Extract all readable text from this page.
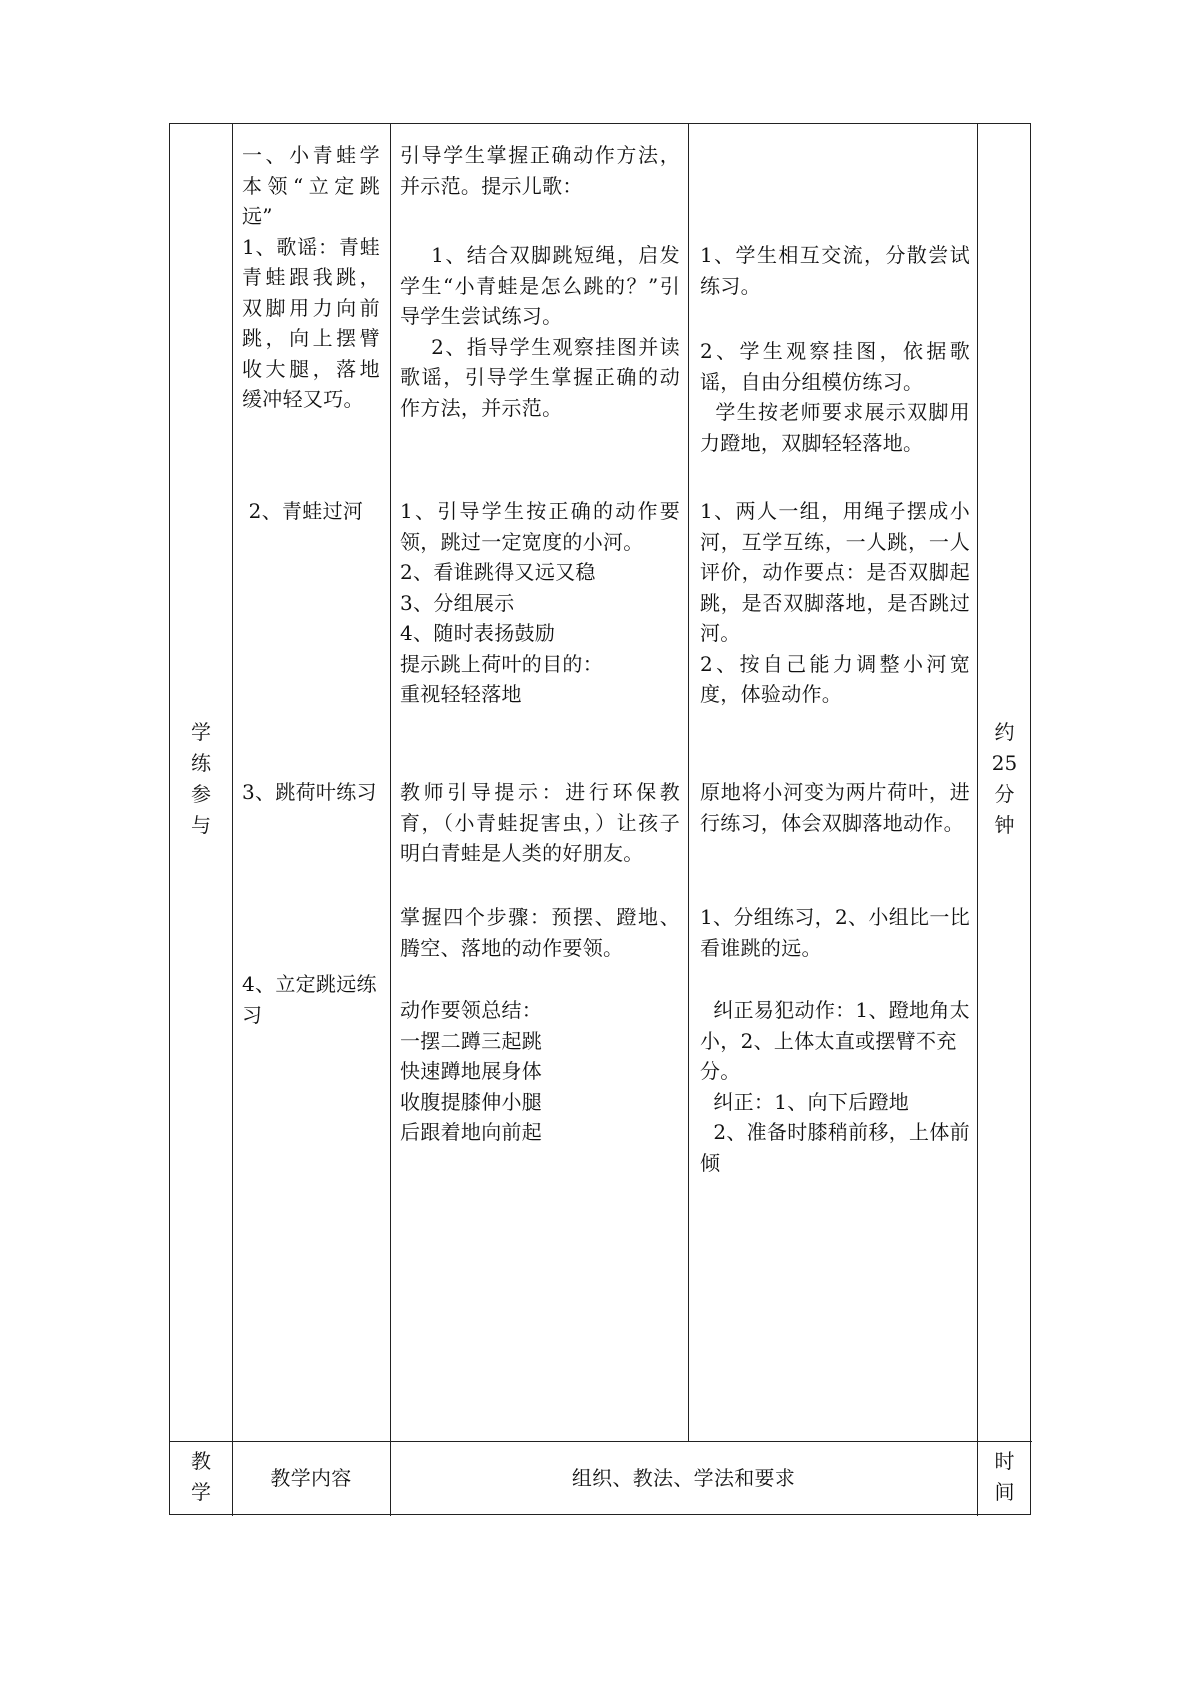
学
练
参
与
一、小青蛙学本领“立定跳远”
1、歌谣：青蛙青蛙跟我跳，双脚用力向前跳，向上摆臂收大腿，落地缓冲轻又巧。
2、青蛙过河
3、跳荷叶练习
4、立定跳远练习
引导学生掌握正确动作方法，并示范。提示儿歌：
1、结合双脚跳短绳，启发学生“小青蛙是怎么跳的？”引导学生尝试练习。
2、指导学生观察挂图并读歌谣，引导学生掌握正确的动作方法，并示范。
1、引导学生按正确的动作要领，跳过一定宽度的小河。
2、看谁跳得又远又稳
3、分组展示
4、随时表扬鼓励
提示跳上荷叶的目的：
重视轻轻落地
教师引导提示：进行环保教育，（小青蛙捉害虫，）让孩子明白青蛙是人类的好朋友。
掌握四个步骤：预摆、蹬地、腾空、落地的动作要领。
动作要领总结：
一摆二蹲三起跳
快速蹲地展身体
收腹提膝伸小腿
后跟着地向前起
1、学生相互交流，分散尝试练习。
2、学生观察挂图，依据歌谣，自由分组模仿练习。
学生按老师要求展示双脚用力蹬地，双脚轻轻落地。
1、两人一组，用绳子摆成小河，互学互练，一人跳，一人评价，动作要点：是否双脚起跳，是否双脚落地，是否跳过河。
2、按自己能力调整小河宽度，体验动作。
原地将小河变为两片荷叶，进行练习，体会双脚落地动作。
1、分组练习，2、小组比一比看谁跳的远。
纠正易犯动作：1、蹬地角太小，2、上体太直或摆臂不充分。
纠正：1、向下后蹬地
2、准备时膝稍前移，上体前倾
约
25
分
钟
教
学
教学内容	组织、教法、学法和要求
时
间
